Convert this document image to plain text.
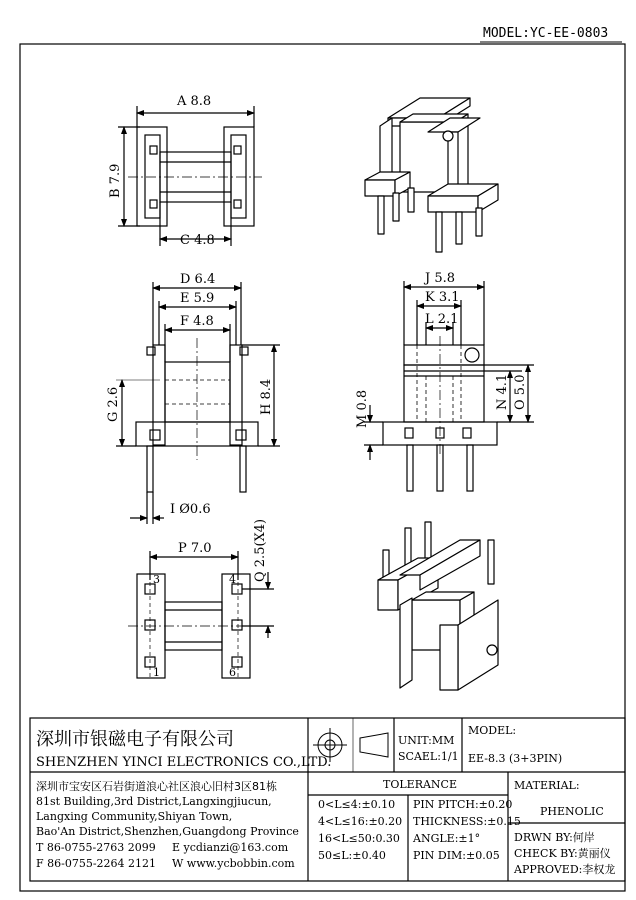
MODEL:YC-EE-0803
A 8.8
B 7.9
C 4.8
D 6.4
E 5.9
F 4.8
G 2.6	H 8.4
I Ø0.6
J 5.8
K 3.1
L 2.1
M 0.8	N 4.1 O 5.0
P 7.0	Q 2.5(X4)
3	4
1	6
深圳市银磁电子有限公司
SHENZHEN YINCI ELECTRONICS CO.,LTD.
深圳市宝安区石岩街道浪心社区浪心旧村3区81栋
81st Building,3rd District,Langxingjiucun,
Langxing Community,Shiyan Town,
Bao'An District,Shenzhen,Guangdong Province
T 86-0755-2763 2099 E ycdianzi@163.com
F 86-0755-2264 2121 W www.ycbobbin.com
UNIT:MM
SCAEL:1/1
MODEL:
EE-8.3 (3+3PIN)
TOLERANCE
0<L≤4:±0.10
4<L≤16:±0.20
16<L≤50:0.30
50≤L:±0.40
PIN PITCH:±0.20
THICKNESS:±0.15
ANGLE:±1°
PIN DIM:±0.05
MATERIAL:
PHENOLIC
DRWN BY:何岸
CHECK BY:黄丽仪
APPROVED:李权龙
